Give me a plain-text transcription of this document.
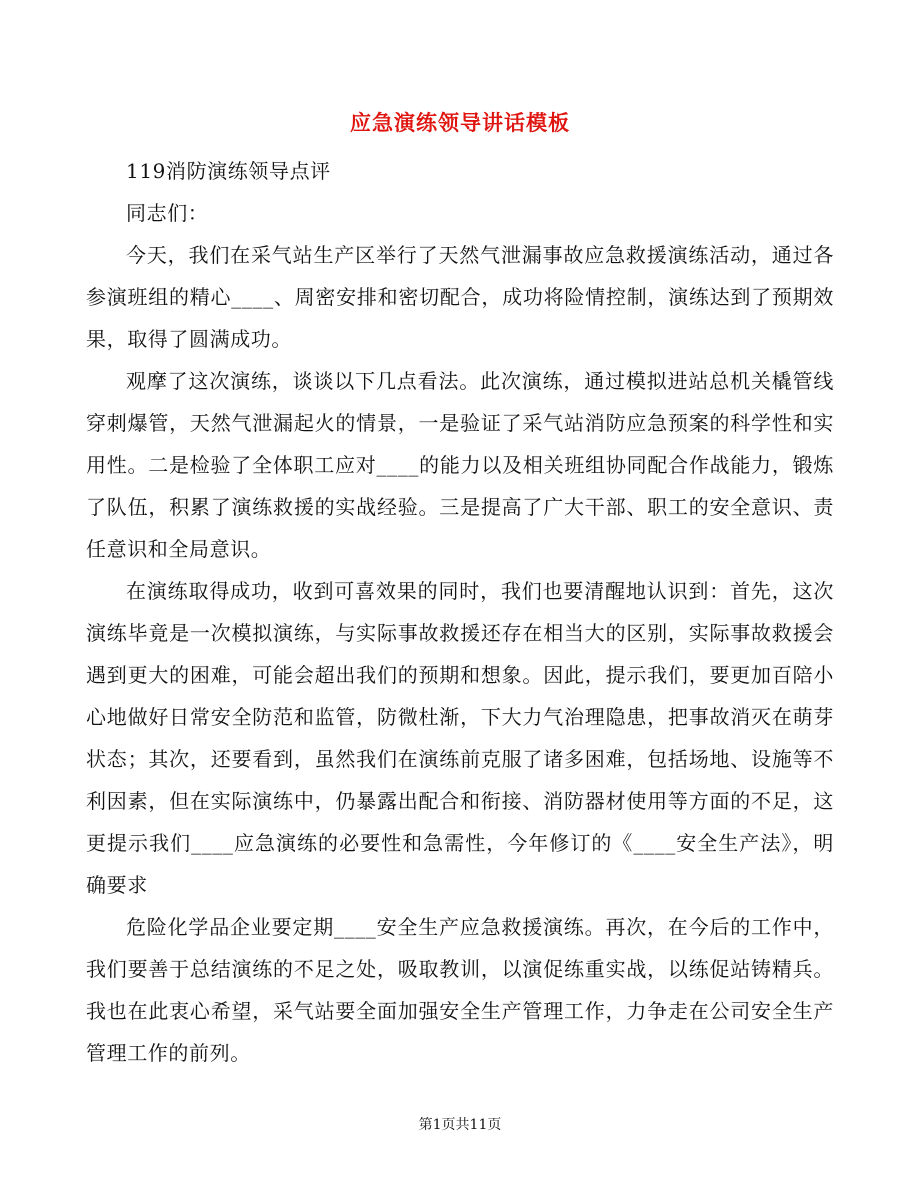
应急演练领导讲话模板

119消防演练领导点评

同志们：

今天，我们在采气站生产区举行了天然气泄漏事故应急救援演练活动，通过各参演班组的精心____、周密安排和密切配合，成功将险情控制，演练达到了预期效果，取得了圆满成功。

观摩了这次演练，谈谈以下几点看法。此次演练，通过模拟进站总机关橇管线穿刺爆管，天然气泄漏起火的情景，一是验证了采气站消防应急预案的科学性和实用性。二是检验了全体职工应对____的能力以及相关班组协同配合作战能力，锻炼了队伍，积累了演练救援的实战经验。三是提高了广大干部、职工的安全意识、责任意识和全局意识。

在演练取得成功，收到可喜效果的同时，我们也要清醒地认识到：首先，这次演练毕竟是一次模拟演练，与实际事故救援还存在相当大的区别，实际事故救援会遇到更大的困难，可能会超出我们的预期和想象。因此，提示我们，要更加百陪小心地做好日常安全防范和监管，防微杜渐，下大力气治理隐患，把事故消灭在萌芽状态；其次，还要看到，虽然我们在演练前克服了诸多困难，包括场地、设施等不利因素，但在实际演练中，仍暴露出配合和衔接、消防器材使用等方面的不足，这更提示我们____应急演练的必要性和急需性，今年修订的《____安全生产法》，明确要求

危险化学品企业要定期____安全生产应急救援演练。再次，在今后的工作中，我们要善于总结演练的不足之处，吸取教训，以演促练重实战，以练促站铸精兵。我也在此衷心希望，采气站要全面加强安全生产管理工作，力争走在公司安全生产管理工作的前列。

第1页共11页
